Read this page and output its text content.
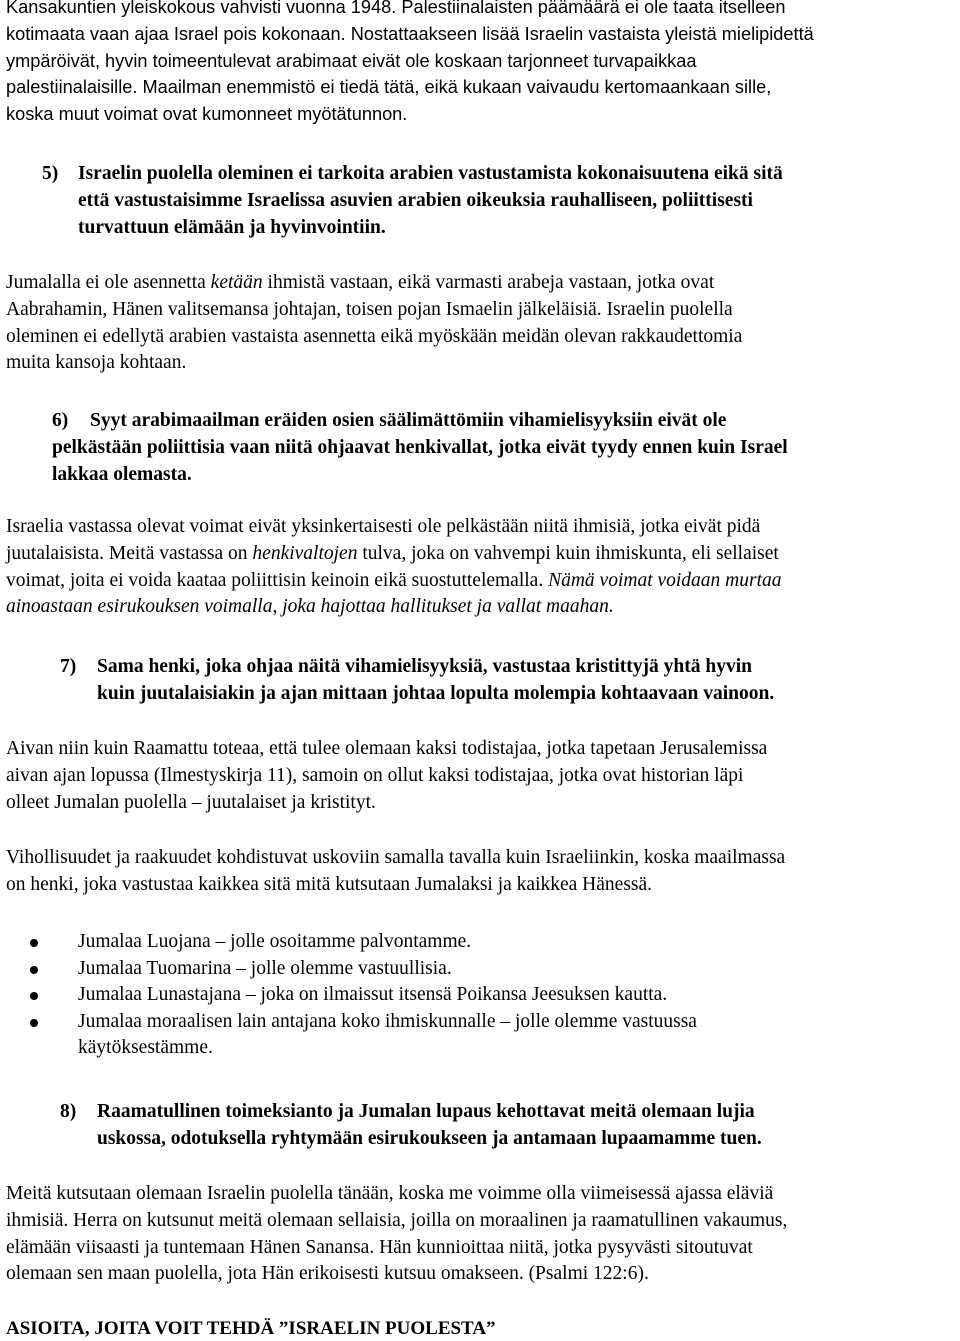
Kansakuntien yleiskokous vahvisti vuonna 1948. Palestiinalaisten päämäärä ei ole taata itselleen
kotimaata vaan ajaa Israel pois kokonaan. Nostattaakseen lisää Israelin vastaista yleistä mielipidettä
ympäröivät, hyvin toimeentulevat arabimaat eivät ole koskaan tarjonneet turvapaikkaa
palestiinalaisille. Maailman enemmistö ei tiedä tätä, eikä kukaan vaivaudu kertomaankaan sille,
koska muut voimat ovat kumonneet myötätunnon.
5) Israelin puolella oleminen ei tarkoita arabien vastustamista kokonaisuutena eikä sitä
että vastustaisimme Israelissa asuvien arabien oikeuksia rauhalliseen, poliittisesti
turvattuun elämään ja hyvinvointiin.
Jumalalla ei ole asennetta ketään ihmistä vastaan, eikä varmasti arabeja vastaan, jotka ovat
Aabrahamin, Hänen valitsemansa johtajan, toisen pojan Ismaelin jälkeläisiä. Israelin puolella
oleminen ei edellytä arabien vastaista asennetta eikä myöskään meidän olevan rakkaudettomia
muita kansoja kohtaan.
6) Syyt arabimaailman eräiden osien säälimättömiin vihamielisyyksiin eivät ole
pelkästään poliittisia vaan niitä ohjaavat henkivallat, jotka eivät tyydy ennen kuin Israel
lakkaa olemasta.
Israelia vastassa olevat voimat eivät yksinkertaisesti ole pelkästään niitä ihmisiä, jotka eivät pidä
juutalaisista. Meitä vastassa on henkivaltojen tulva, joka on vahvempi kuin ihmiskunta, eli sellaiset
voimat, joita ei voida kaataa poliittisin keinoin eikä suostuttelemalla. Nämä voimat voidaan murtaa
ainoastaan esirukouksen voimalla, joka hajottaa hallitukset ja vallat maahan.
7) Sama henki, joka ohjaa näitä vihamielisyyksiä, vastustaa kristittyjä yhtä hyvin
kuin juutalaisiakin ja ajan mittaan johtaa lopulta molempia kohtaavaan vainoon.
Aivan niin kuin Raamattu toteaa, että tulee olemaan kaksi todistajaa, jotka tapetaan Jerusalemissa
aivan ajan lopussa (Ilmestyskirja 11), samoin on ollut kaksi todistajaa, jotka ovat historian läpi
olleet Jumalan puolella – juutalaiset ja kristityt.
Vihollisuudet ja raakuudet kohdistuvat uskoviin samalla tavalla kuin Israeliinkin, koska maailmassa
on henki, joka vastustaa kaikkea sitä mitä kutsutaan Jumalaksi ja kaikkea Hänessä.
Jumalaa Luojana – jolle osoitamme palvontamme.
Jumalaa Tuomarina – jolle olemme vastuullisia.
Jumalaa Lunastajana – joka on ilmaissut itsensä Poikansa Jeesuksen kautta.
Jumalaa moraalisen lain antajana koko ihmiskunnalle – jolle olemme vastuussa
käytöksestämme.
8) Raamatullinen toimeksianto ja Jumalan lupaus kehottavat meitä olemaan lujia
uskossa, odotuksella ryhtymään esirukoukseen ja antamaan lupaamamme tuen.
Meitä kutsutaan olemaan Israelin puolella tänään, koska me voimme olla viimeisessä ajassa eläviä
ihmisiä. Herra on kutsunut meitä olemaan sellaisia, joilla on moraalinen ja raamatullinen vakaumus,
elämään viisaasti ja tuntemaan Hänen Sanansa. Hän kunnioittaa niitä, jotka pysyvästi sitoutuvat
olemaan sen maan puolella, jota Hän erikoisesti kutsuu omakseen. (Psalmi 122:6).
ASIOITA, JOITA VOIT TEHDÄ ”ISRAELIN PUOLESTA”
